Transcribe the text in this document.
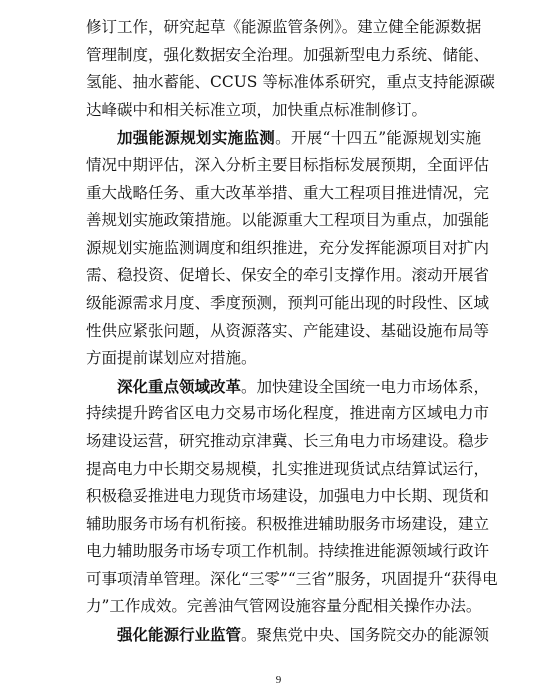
修订工作，研究起草《能源监管条例》。建立健全能源数据
管理制度，强化数据安全治理。加强新型电力系统、储能、
氢能、抽水蓄能、CCUS 等标准体系研究，重点支持能源碳
达峰碳中和相关标准立项，加快重点标准制修订。
加强能源规划实施监测。开展“十四五”能源规划实施
情况中期评估，深入分析主要目标指标发展预期，全面评估
重大战略任务、重大改革举措、重大工程项目推进情况，完
善规划实施政策措施。以能源重大工程项目为重点，加强能
源规划实施监测调度和组织推进，充分发挥能源项目对扩内
需、稳投资、促增长、保安全的牵引支撑作用。滚动开展省
级能源需求月度、季度预测，预判可能出现的时段性、区域
性供应紧张问题，从资源落实、产能建设、基础设施布局等
方面提前谋划应对措施。
深化重点领域改革。加快建设全国统一电力市场体系，
持续提升跨省区电力交易市场化程度，推进南方区域电力市
场建设运营，研究推动京津冀、长三角电力市场建设。稳步
提高电力中长期交易规模，扎实推进现货试点结算试运行，
积极稳妥推进电力现货市场建设，加强电力中长期、现货和
辅助服务市场有机衔接。积极推进辅助服务市场建设，建立
电力辅助服务市场专项工作机制。持续推进能源领域行政许
可事项清单管理。深化“三零”“三省”服务，巩固提升“获得电
力”工作成效。完善油气管网设施容量分配相关操作办法。
强化能源行业监管。聚焦党中央、国务院交办的能源领
9
